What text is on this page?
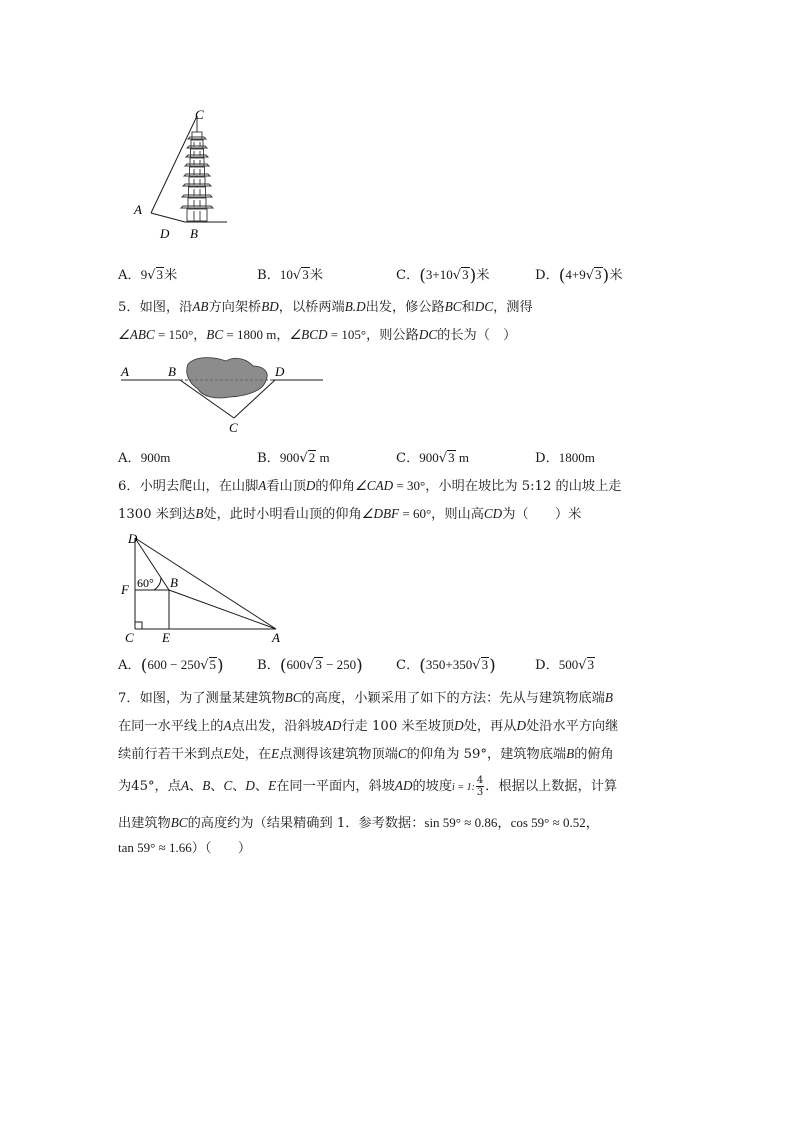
C
A
D B
A．9√3米	B．10√3米	C．(3+10√3)米	D．(4+9√3)米
5．如图，沿AB方向架桥BD，以桥两端B.D出发，修公路BC和DC，测得
∠ABC = 150°，BC = 1800 m，∠BCD = 105°，则公路DC的长为（　）
A	B	D
C
A．900m	B．900√2 m	C．900√3 m	D．1800m
6．小明去爬山，在山脚A看山顶D的仰角∠CAD = 30°，小明在坡比为 5:12 的山坡上走
1300 米到达B处，此时小明看山顶的仰角∠DBF = 60°，则山高CD为（　　）米
D
F 60° B
C E	A
A．(600 − 250√5)	B．(600√3 − 250)	C．(350+350√3)	D．500√3
7．如图，为了测量某建筑物BC的高度，小颖采用了如下的方法：先从与建筑物底端B
在同一水平线上的A点出发，沿斜坡AD行走 100 米至坡顶D处，再从D处沿水平方向继
续前行若干米到点E处，在E点测得该建筑物顶端C的仰角为 59°，建筑物底端B的俯角
为45°，点A、B、C、D、E在同一平面内，斜坡AD的坡度i = 1: $\frac{4}{3}$ ．根据以上数据，计算
出建筑物BC的高度约为（结果精确到 1．参考数据：sin 59° ≈ 0.86，cos 59° ≈ 0.52，
tan 59° ≈ 1.66）（　　）
